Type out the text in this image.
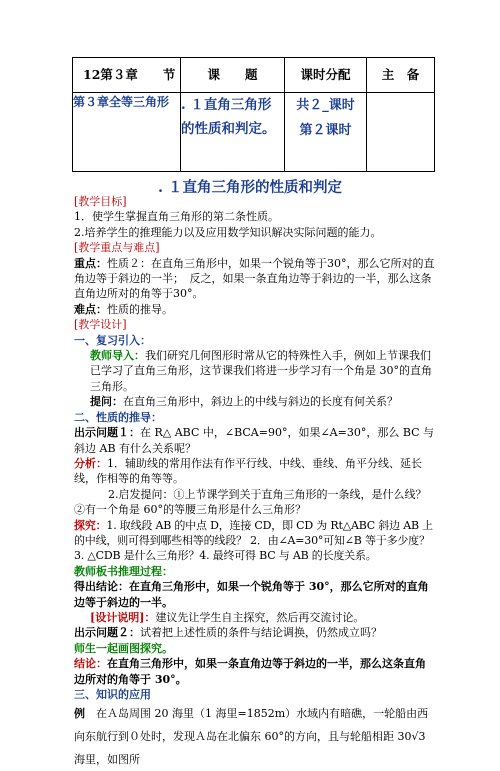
12第３章　　节	课　　题	课时分配	主　备
第３章全等三角形	. １直角三角形的性质和判定。	共２_课时
第２课时	

. １直角三角形的性质和判定

[教学目标]

1．使学生掌握直角三角形的第二条性质。

2.培养学生的推理能力以及应用数学知识解决实际问题的能力。

[教学重点与难点]

重点：性质２：在直角三角形中，如果一个锐角等于30°，那么它所对的直角边等于斜边的一半；　反之，如果一条直角边等于斜边的一半，那么这条直角边所对的角等于30°。

难点：性质的推导。

[教学设计]

一、复习引入：

教师导入：我们研究几何图形时常从它的特殊性入手，例如上节课我们已学习了直角三角形，这节课我们将进一步学习有一个角是 30°的直角三角形。

提问：在直角三角形中，斜边上的中线与斜边的长度有何关系？

二、性质的推导：

出示问题１：在 R△ ABC 中，∠BCA=90°，如果∠A=30°，那么 BC 与斜边 AB 有什么关系呢？

分析：1．辅助线的常用作法有作平行线、中线、垂线、角平分线、延长线，作相等的角等等。

2.启发提问：①上节课学到关于直角三角形的一条线，是什么线？

②有一个角是 60°的等腰三角形是什么三角形？

探究：1. 取线段 AB 的中点 D，连接 CD，即 CD 为 Rt△ABC 斜边 AB 上的中线，则可得到哪些相等的线段？ 2．由∠A=30°可知∠B 等于多少度？3. △CDB 是什么三角形？4. 最终可得 BC 与 AB 的长度关系。

教师板书推理过程：

得出结论：在直角三角形中，如果一个锐角等于 30°，那么它所对的直角边等于斜边的一半。

[设计说明]：建议先让学生自主探究，然后再交流讨论。

出示问题２：试着把上述性质的条件与结论调换，仍然成立吗？

师生一起画图探究。

结论：在直角三角形中，如果一条直角边等于斜边的一半，那么这条直角边所对的角等于 30°。

三、知识的应用

例　 在Ａ岛周围 20 海里（1 海里=1852m）水域内有暗礁，一轮船由西向东航行到０处时，发现Ａ岛在北偏东 60°的方向，且与轮船相距 30√3 海里，如图所
